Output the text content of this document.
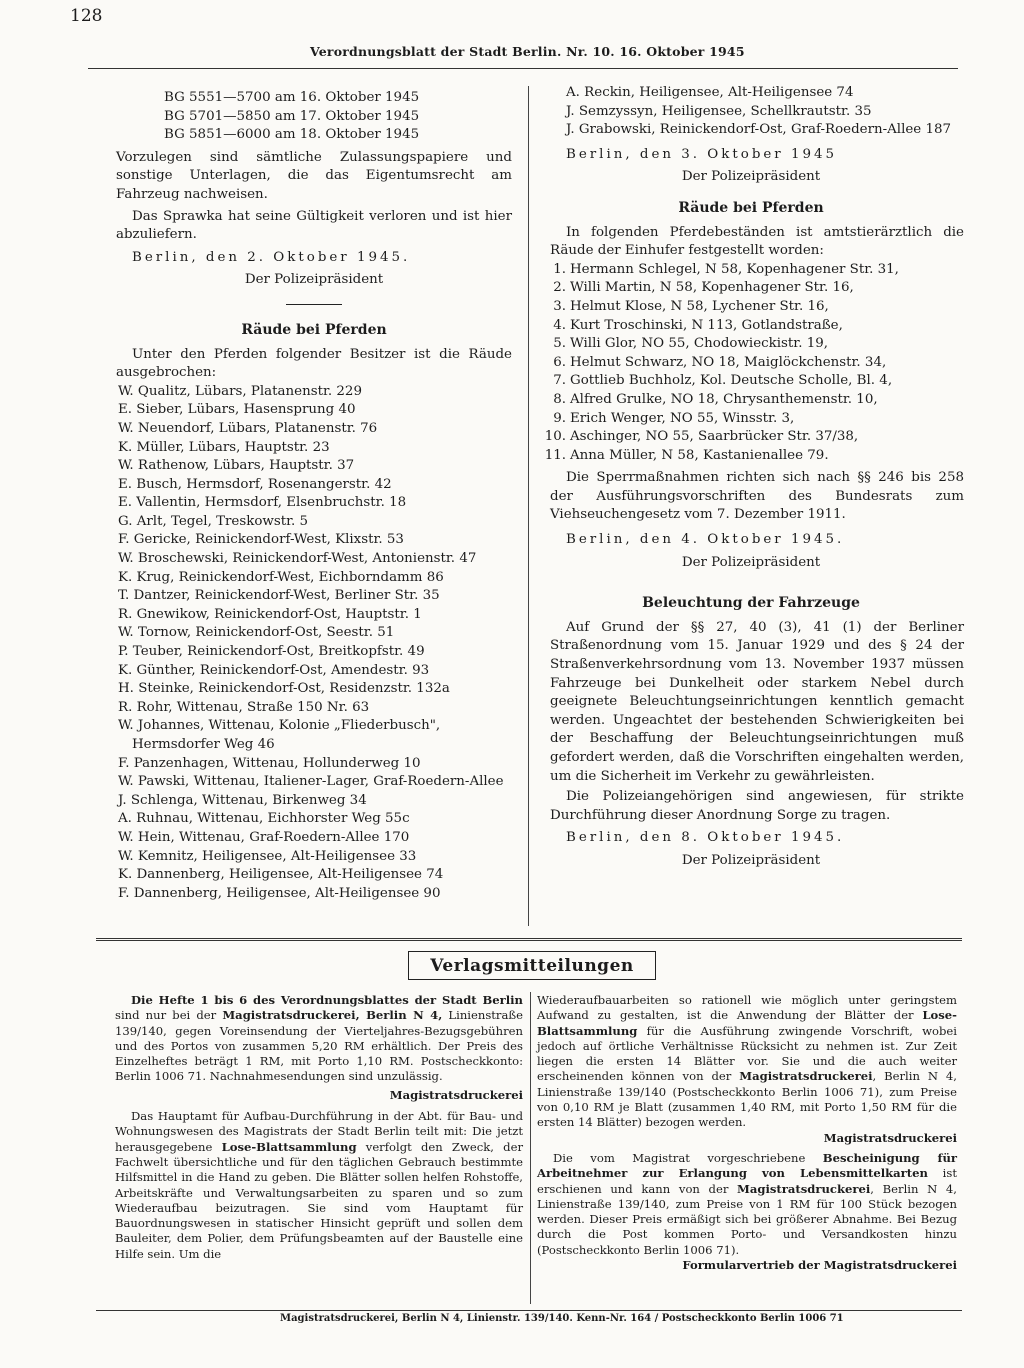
128
Verordnungsblatt der Stadt Berlin. Nr. 10. 16. Oktober 1945

BG 5551—5700 am 16. Oktober 1945

BG 5701—5850 am 17. Oktober 1945

BG 5851—6000 am 18. Oktober 1945

Vorzulegen sind sämtliche Zulassungspapiere und sonstige Unterlagen, die das Eigentumsrecht am Fahrzeug nachweisen.

Das Sprawka hat seine Gültigkeit verloren und ist hier abzuliefern.

Berlin, den 2. Oktober 1945.

Der Polizeipräsident

Räude bei Pferden

Unter den Pferden folgender Besitzer ist die Räude ausgebrochen:

W. Qualitz, Lübars, Platanenstr. 229

E. Sieber, Lübars, Hasensprung 40

W. Neuendorf, Lübars, Platanenstr. 76

K. Müller, Lübars, Hauptstr. 23

W. Rathenow, Lübars, Hauptstr. 37

E. Busch, Hermsdorf, Rosenangerstr. 42

E. Vallentin, Hermsdorf, Elsenbruchstr. 18

G. Arlt, Tegel, Treskowstr. 5

F. Gericke, Reinickendorf-West, Klixstr. 53

W. Broschewski, Reinickendorf-West, Antonienstr. 47

K. Krug, Reinickendorf-West, Eichborndamm 86

T. Dantzer, Reinickendorf-West, Berliner Str. 35

R. Gnewikow, Reinickendorf-Ost, Hauptstr. 1

W. Tornow, Reinickendorf-Ost, Seestr. 51

P. Teuber, Reinickendorf-Ost, Breitkopfstr. 49

K. Günther, Reinickendorf-Ost, Amendestr. 93

H. Steinke, Reinickendorf-Ost, Residenzstr. 132a

R. Rohr, Wittenau, Straße 150 Nr. 63

W. Johannes, Wittenau, Kolonie „Fliederbusch", Hermsdorfer Weg 46

F. Panzenhagen, Wittenau, Hollunderweg 10

W. Pawski, Wittenau, Italiener-Lager, Graf-Roedern-Allee

J. Schlenga, Wittenau, Birkenweg 34

A. Ruhnau, Wittenau, Eichhorster Weg 55c

W. Hein, Wittenau, Graf-Roedern-Allee 170

W. Kemnitz, Heiligensee, Alt-Heiligensee 33

K. Dannenberg, Heiligensee, Alt-Heiligensee 74

F. Dannenberg, Heiligensee, Alt-Heiligensee 90

A. Reckin, Heiligensee, Alt-Heiligensee 74

J. Semzyssyn, Heiligensee, Schellkrautstr. 35

J. Grabowski, Reinickendorf-Ost, Graf-Roedern-Allee 187

Berlin, den 3. Oktober 1945

Der Polizeipräsident

Räude bei Pferden

In folgenden Pferdebeständen ist amtstierärztlich die Räude der Einhufer festgestellt worden:

1. Hermann Schlegel, N 58, Kopenhagener Str. 31,

2. Willi Martin, N 58, Kopenhagener Str. 16,

3. Helmut Klose, N 58, Lychener Str. 16,

4. Kurt Troschinski, N 113, Gotlandstraße,

5. Willi Glor, NO 55, Chodowieckistr. 19,

6. Helmut Schwarz, NO 18, Maiglöckchenstr. 34,

7. Gottlieb Buchholz, Kol. Deutsche Scholle, Bl. 4,

8. Alfred Grulke, NO 18, Chrysanthemenstr. 10,

9. Erich Wenger, NO 55, Winsstr. 3,

10. Aschinger, NO 55, Saarbrücker Str. 37/38,

11. Anna Müller, N 58, Kastanienallee 79.

Die Sperrmaßnahmen richten sich nach §§ 246 bis 258 der Ausführungsvorschriften des Bundesrats zum Viehseuchengesetz vom 7. Dezember 1911.

Berlin, den 4. Oktober 1945.

Der Polizeipräsident

Beleuchtung der Fahrzeuge

Auf Grund der §§ 27, 40 (3), 41 (1) der Berliner Straßenordnung vom 15. Januar 1929 und des § 24 der Straßenverkehrsordnung vom 13. November 1937 müssen Fahrzeuge bei Dunkelheit oder starkem Nebel durch geeignete Beleuchtungseinrichtungen kenntlich gemacht werden. Ungeachtet der bestehenden Schwierigkeiten bei der Beschaffung der Beleuchtungseinrichtungen muß gefordert werden, daß die Vorschriften eingehalten werden, um die Sicherheit im Verkehr zu gewährleisten.

Die Polizeiangehörigen sind angewiesen, für strikte Durchführung dieser Anordnung Sorge zu tragen.

Berlin, den 8. Oktober 1945.

Der Polizeipräsident

Verlagsmitteilungen

Die Hefte 1 bis 6 des Verordnungsblattes der Stadt Berlin sind nur bei der Magistratsdruckerei, Berlin N 4, Linienstraße 139/140, gegen Voreinsendung der Vierteljahres-Bezugsgebühren und des Portos von zusammen 5,20 RM erhältlich. Der Preis des Einzelheftes beträgt 1 RM, mit Porto 1,10 RM. Postscheckkonto: Berlin 1006 71. Nachnahmesendungen sind unzulässig.

Magistratsdruckerei

Das Hauptamt für Aufbau-Durchführung in der Abt. für Bau- und Wohnungswesen des Magistrats der Stadt Berlin teilt mit: Die jetzt herausgegebene Lose-Blattsammlung verfolgt den Zweck, der Fachwelt übersichtliche und für den täglichen Gebrauch bestimmte Hilfsmittel in die Hand zu geben. Die Blätter sollen helfen Rohstoffe, Arbeitskräfte und Verwaltungsarbeiten zu sparen und so zum Wiederaufbau beizutragen. Sie sind vom Hauptamt für Bauordnungswesen in statischer Hinsicht geprüft und sollen dem Bauleiter, dem Polier, dem Prüfungsbeamten auf der Baustelle eine Hilfe sein. Um die

Wiederaufbauarbeiten so rationell wie möglich unter geringstem Aufwand zu gestalten, ist die Anwendung der Blätter der Lose-Blattsammlung für die Ausführung zwingende Vorschrift, wobei jedoch auf örtliche Verhältnisse Rücksicht zu nehmen ist. Zur Zeit liegen die ersten 14 Blätter vor. Sie und die auch weiter erscheinenden können von der Magistratsdruckerei, Berlin N 4, Linienstraße 139/140 (Postscheckkonto Berlin 1006 71), zum Preise von 0,10 RM je Blatt (zusammen 1,40 RM, mit Porto 1,50 RM für die ersten 14 Blätter) bezogen werden.

Magistratsdruckerei

Die vom Magistrat vorgeschriebene Bescheinigung für Arbeitnehmer zur Erlangung von Lebensmittelkarten ist erschienen und kann von der Magistratsdruckerei, Berlin N 4, Linienstraße 139/140, zum Preise von 1 RM für 100 Stück bezogen werden. Dieser Preis ermäßigt sich bei größerer Abnahme. Bei Bezug durch die Post kommen Porto- und Versandkosten hinzu (Postscheckkonto Berlin 1006 71).

Formularvertrieb der Magistratsdruckerei

Magistratsdruckerei, Berlin N 4, Linienstr. 139/140. Kenn-Nr. 164 / Postscheckkonto Berlin 1006 71
